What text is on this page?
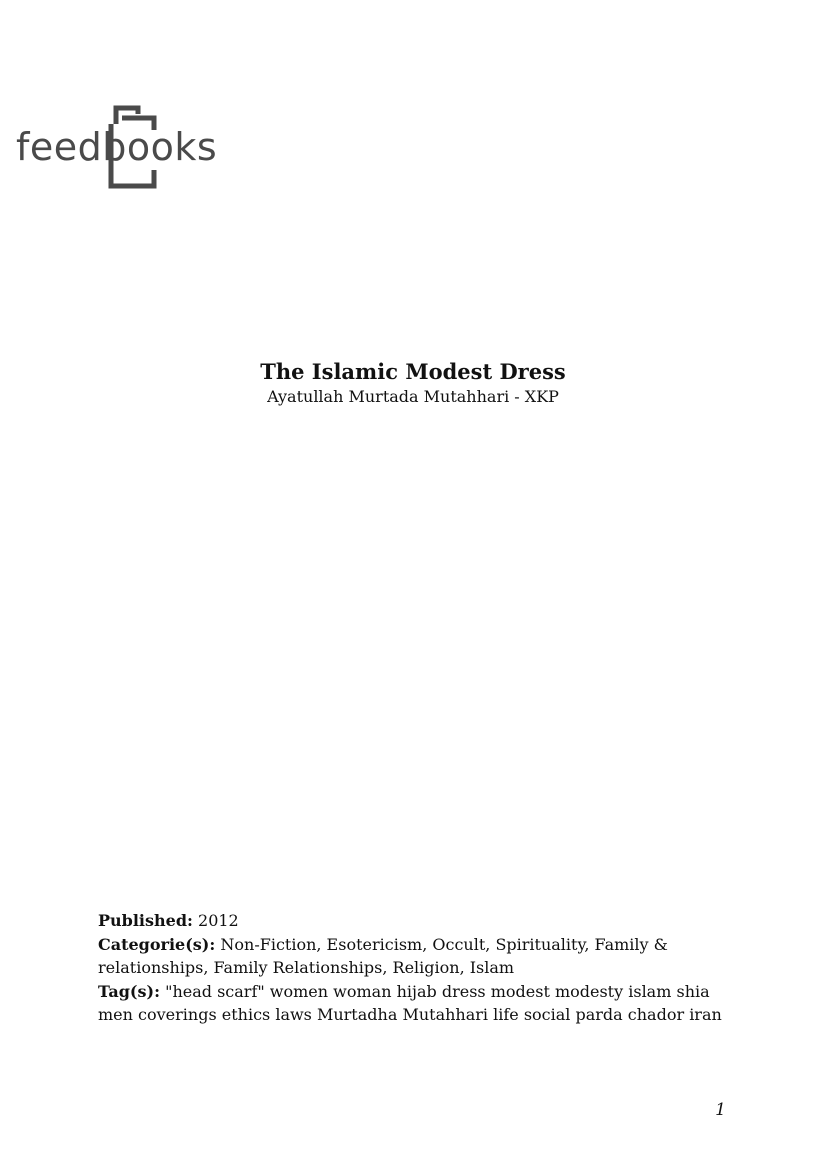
feedbooks

The Islamic Modest Dress

Ayatullah Murtada Mutahhari - XKP

Published: 2012

Categorie(s): Non-Fiction, Esotericism, Occult, Spirituality, Family & relationships, Family Relationships, Religion, Islam

Tag(s): "head scarf" women woman hijab dress modest modesty islam shia men coverings ethics laws Murtadha Mutahhari life social parda chador iran

1
